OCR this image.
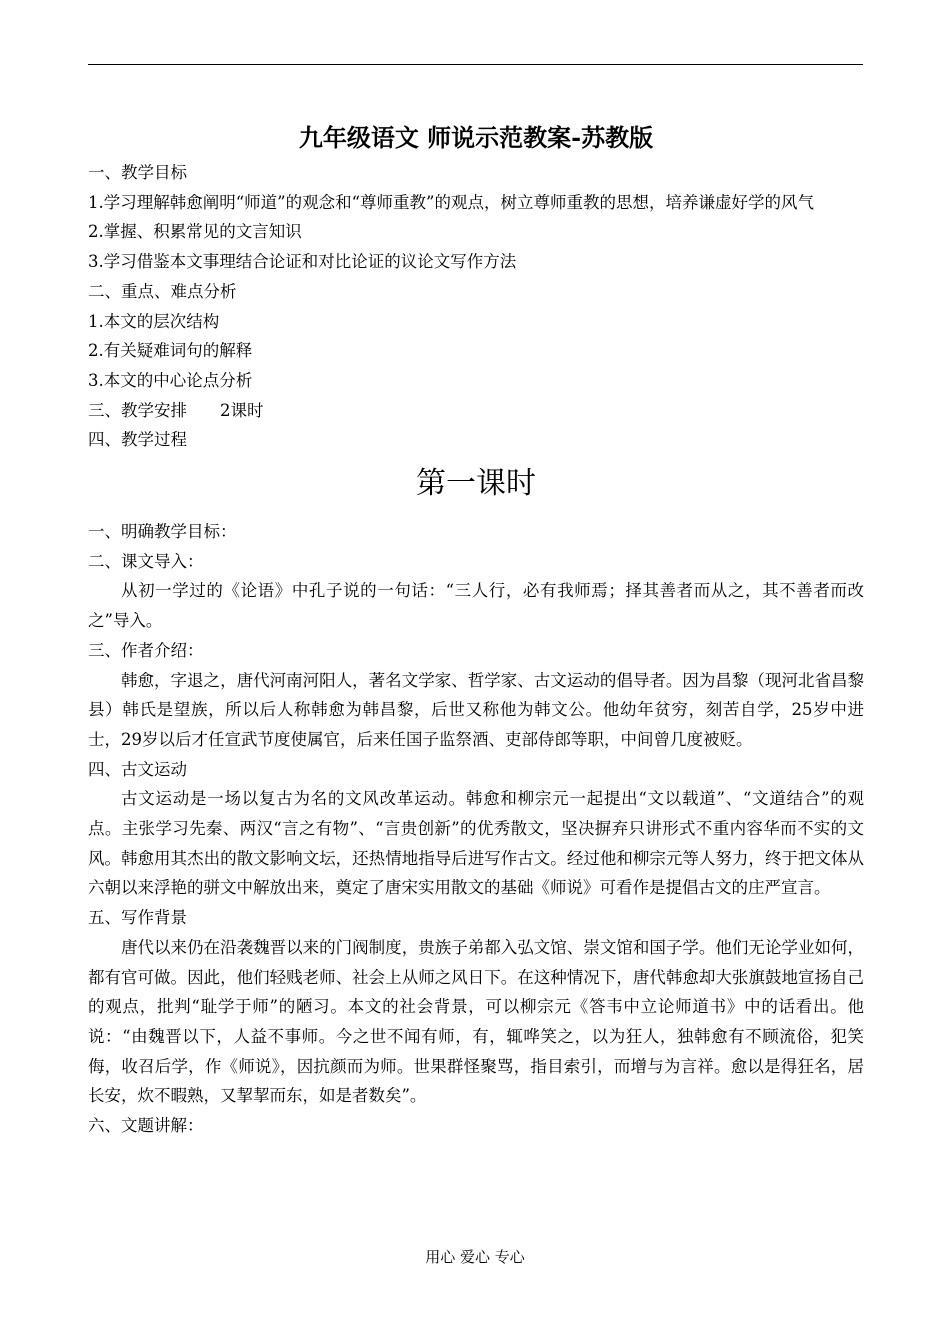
九年级语文 师说示范教案-苏教版

一、教学目标

1.学习理解韩愈阐明“师道”的观念和“尊师重教”的观点，树立尊师重教的思想，培养谦虚好学的风气

2.掌握、积累常见的文言知识

3.学习借鉴本文事理结合论证和对比论证的议论文写作方法

二、重点、难点分析

1.本文的层次结构

2.有关疑难词句的解释

3.本文的中心论点分析

三、教学安排　　2课时

四、教学过程

第一课时

一、明确教学目标：

二、课文导入：

从初一学过的《论语》中孔子说的一句话：“三人行，必有我师焉；择其善者而从之，其不善者而改之”导入。

三、作者介绍：

韩愈，字退之，唐代河南河阳人，著名文学家、哲学家、古文运动的倡导者。因为昌黎（现河北省昌黎县）韩氏是望族，所以后人称韩愈为韩昌黎，后世又称他为韩文公。他幼年贫穷，刻苦自学，25岁中进士，29岁以后才任宣武节度使属官，后来任国子监祭酒、吏部侍郎等职，中间曾几度被贬。

四、古文运动

古文运动是一场以复古为名的文风改革运动。韩愈和柳宗元一起提出“文以载道”、“文道结合”的观点。主张学习先秦、两汉“言之有物”、“言贵创新”的优秀散文，坚决摒弃只讲形式不重内容华而不实的文风。韩愈用其杰出的散文影响文坛，还热情地指导后进写作古文。经过他和柳宗元等人努力，终于把文体从六朝以来浮艳的骈文中解放出来，奠定了唐宋实用散文的基础《师说》可看作是提倡古文的庄严宣言。

五、写作背景

唐代以来仍在沿袭魏晋以来的门阀制度，贵族子弟都入弘文馆、崇文馆和国子学。他们无论学业如何，都有官可做。因此，他们轻贱老师、社会上从师之风日下。在这种情况下，唐代韩愈却大张旗鼓地宣扬自己的观点，批判“耻学于师”的陋习。本文的社会背景，可以柳宗元《答韦中立论师道书》中的话看出。他说：“由魏晋以下，人益不事师。今之世不闻有师，有，辄哗笑之，以为狂人，独韩愈有不顾流俗，犯笑侮，收召后学，作《师说》，因抗颜而为师。世果群怪聚骂，指目索引，而增与为言祥。愈以是得狂名，居长安，炊不暇熟，又挈挈而东，如是者数矣”。

六、文题讲解：

用心 爱心 专心
